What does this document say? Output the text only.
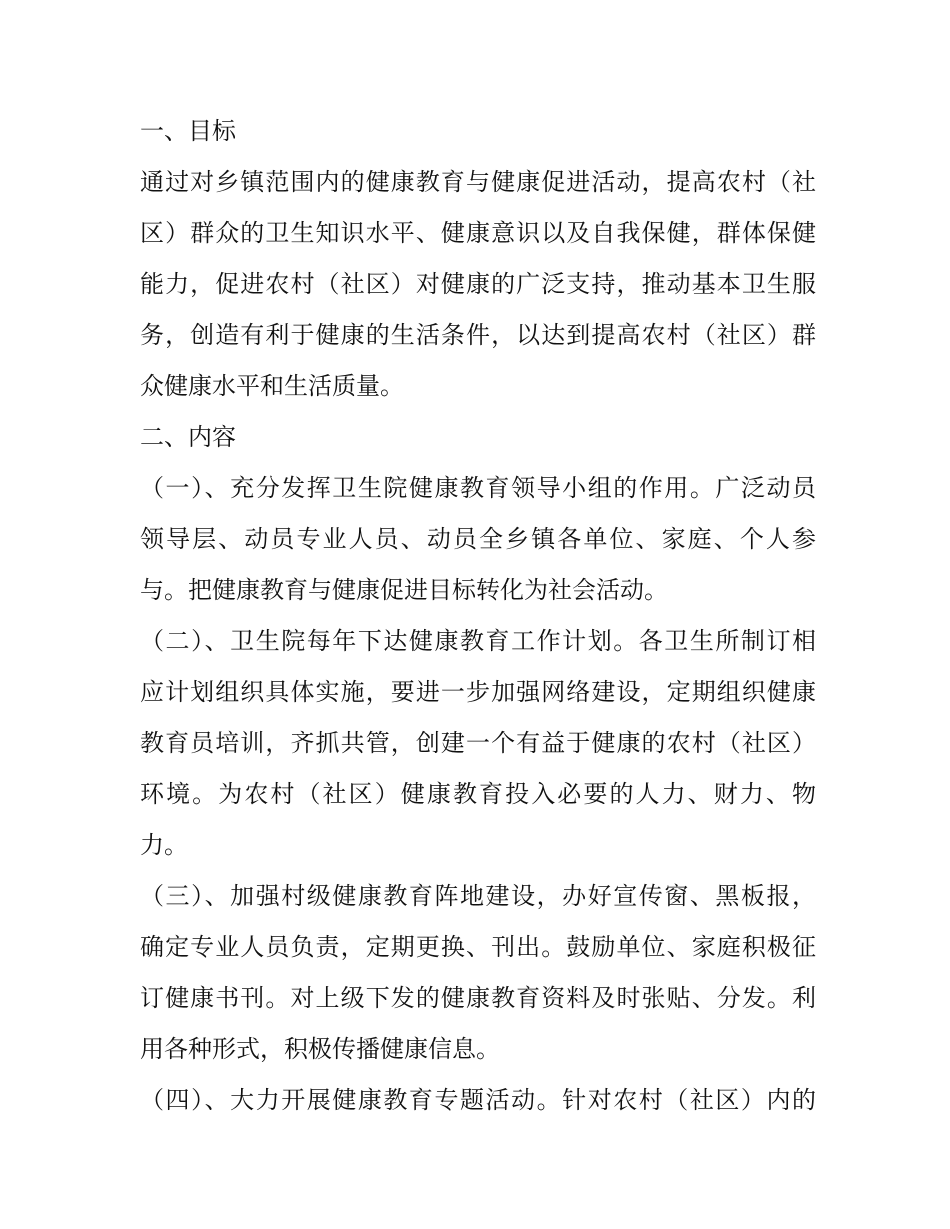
一、目标
通过对乡镇范围内的健康教育与健康促进活动，提高农村（社
区）群众的卫生知识水平、健康意识以及自我保健，群体保健
能力，促进农村（社区）对健康的广泛支持，推动基本卫生服
务，创造有利于健康的生活条件，以达到提高农村（社区）群
众健康水平和生活质量。
二、内容
（一）、充分发挥卫生院健康教育领导小组的作用。广泛动员
领导层、动员专业人员、动员全乡镇各单位、家庭、个人参
与。把健康教育与健康促进目标转化为社会活动。
（二）、卫生院每年下达健康教育工作计划。各卫生所制订相
应计划组织具体实施，要进一步加强网络建设，定期组织健康
教育员培训，齐抓共管，创建一个有益于健康的农村（社区）
环境。为农村（社区）健康教育投入必要的人力、财力、物
力。
（三）、加强村级健康教育阵地建设，办好宣传窗、黑板报，
确定专业人员负责，定期更换、刊出。鼓励单位、家庭积极征
订健康书刊。对上级下发的健康教育资料及时张贴、分发。利
用各种形式，积极传播健康信息。
（四）、大力开展健康教育专题活动。针对农村（社区）内的
